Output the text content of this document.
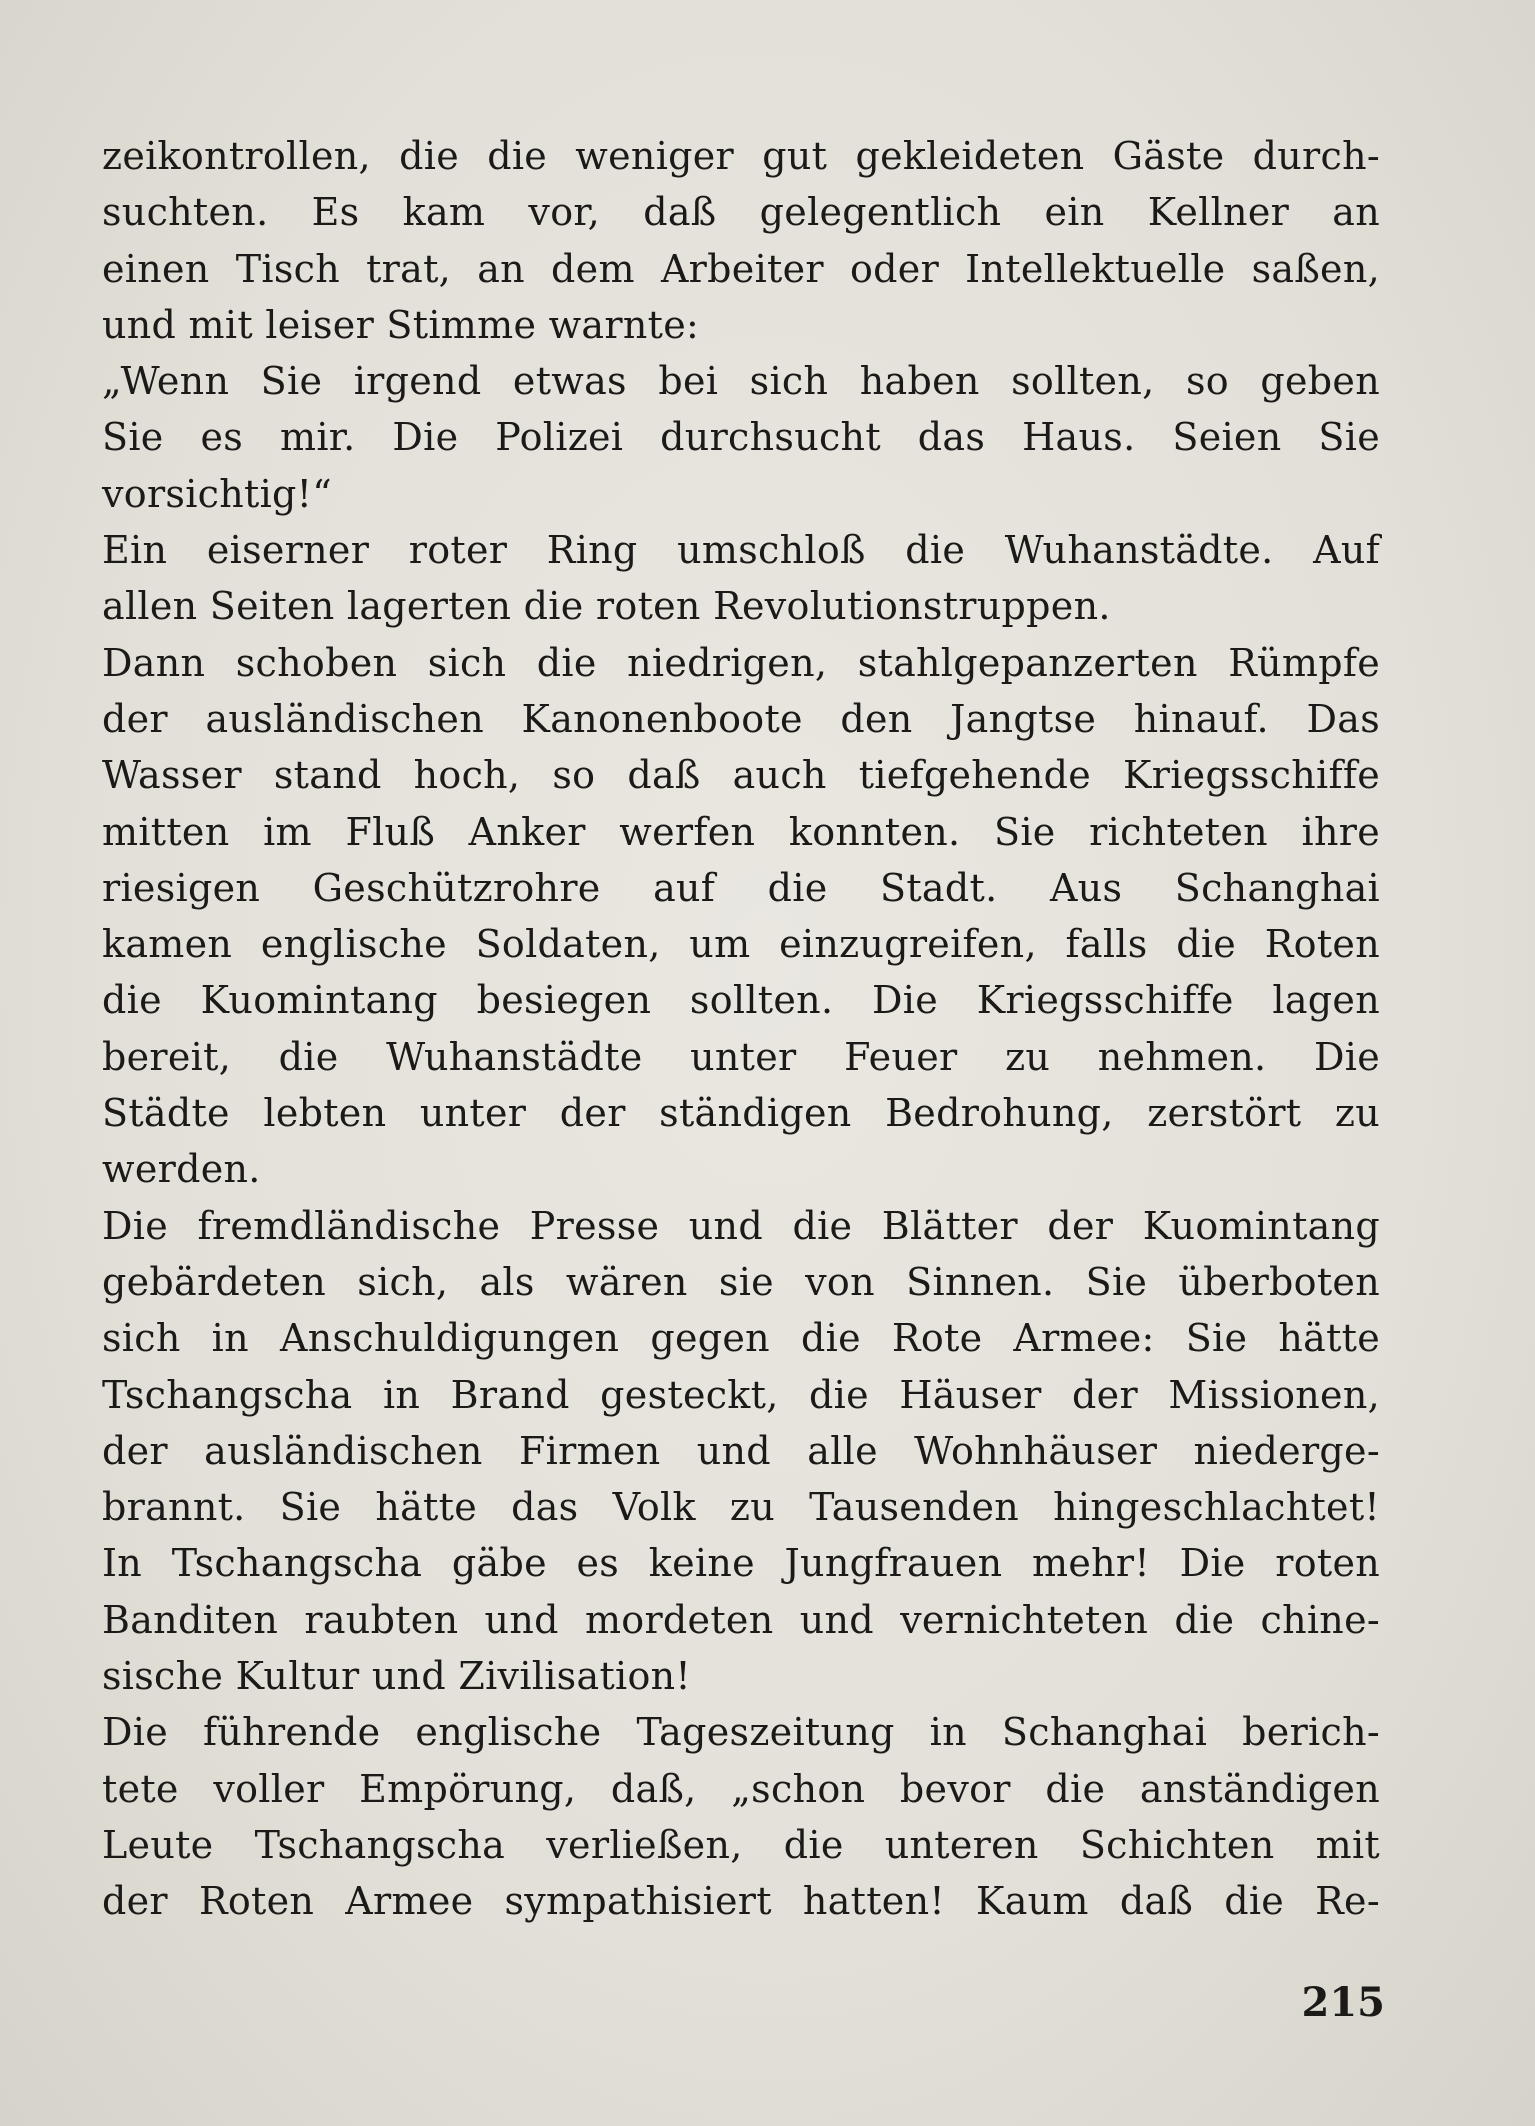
zeikontrollen, die die weniger gut gekleideten Gäste durch-
suchten. Es kam vor, daß gelegentlich ein Kellner an
einen Tisch trat, an dem Arbeiter oder Intellektuelle saßen,
und mit leiser Stimme warnte:
„Wenn Sie irgend etwas bei sich haben sollten, so geben
Sie es mir. Die Polizei durchsucht das Haus. Seien Sie
vorsichtig!“
Ein eiserner roter Ring umschloß die Wuhanstädte. Auf
allen Seiten lagerten die roten Revolutionstruppen.
Dann schoben sich die niedrigen, stahlgepanzerten Rümpfe
der ausländischen Kanonenboote den Jangtse hinauf. Das
Wasser stand hoch, so daß auch tiefgehende Kriegsschiffe
mitten im Fluß Anker werfen konnten. Sie richteten ihre
riesigen Geschützrohre auf die Stadt. Aus Schanghai
kamen englische Soldaten, um einzugreifen, falls die Roten
die Kuomintang besiegen sollten. Die Kriegsschiffe lagen
bereit, die Wuhanstädte unter Feuer zu nehmen. Die
Städte lebten unter der ständigen Bedrohung, zerstört zu
werden.
Die fremdländische Presse und die Blätter der Kuomintang
gebärdeten sich, als wären sie von Sinnen. Sie überboten
sich in Anschuldigungen gegen die Rote Armee: Sie hätte
Tschangscha in Brand gesteckt, die Häuser der Missionen,
der ausländischen Firmen und alle Wohnhäuser niederge-
brannt. Sie hätte das Volk zu Tausenden hingeschlachtet!
In Tschangscha gäbe es keine Jungfrauen mehr! Die roten
Banditen raubten und mordeten und vernichteten die chine-
sische Kultur und Zivilisation!
Die führende englische Tageszeitung in Schanghai berich-
tete voller Empörung, daß, „schon bevor die anständigen
Leute Tschangscha verließen, die unteren Schichten mit
der Roten Armee sympathisiert hatten! Kaum daß die Re-
215
